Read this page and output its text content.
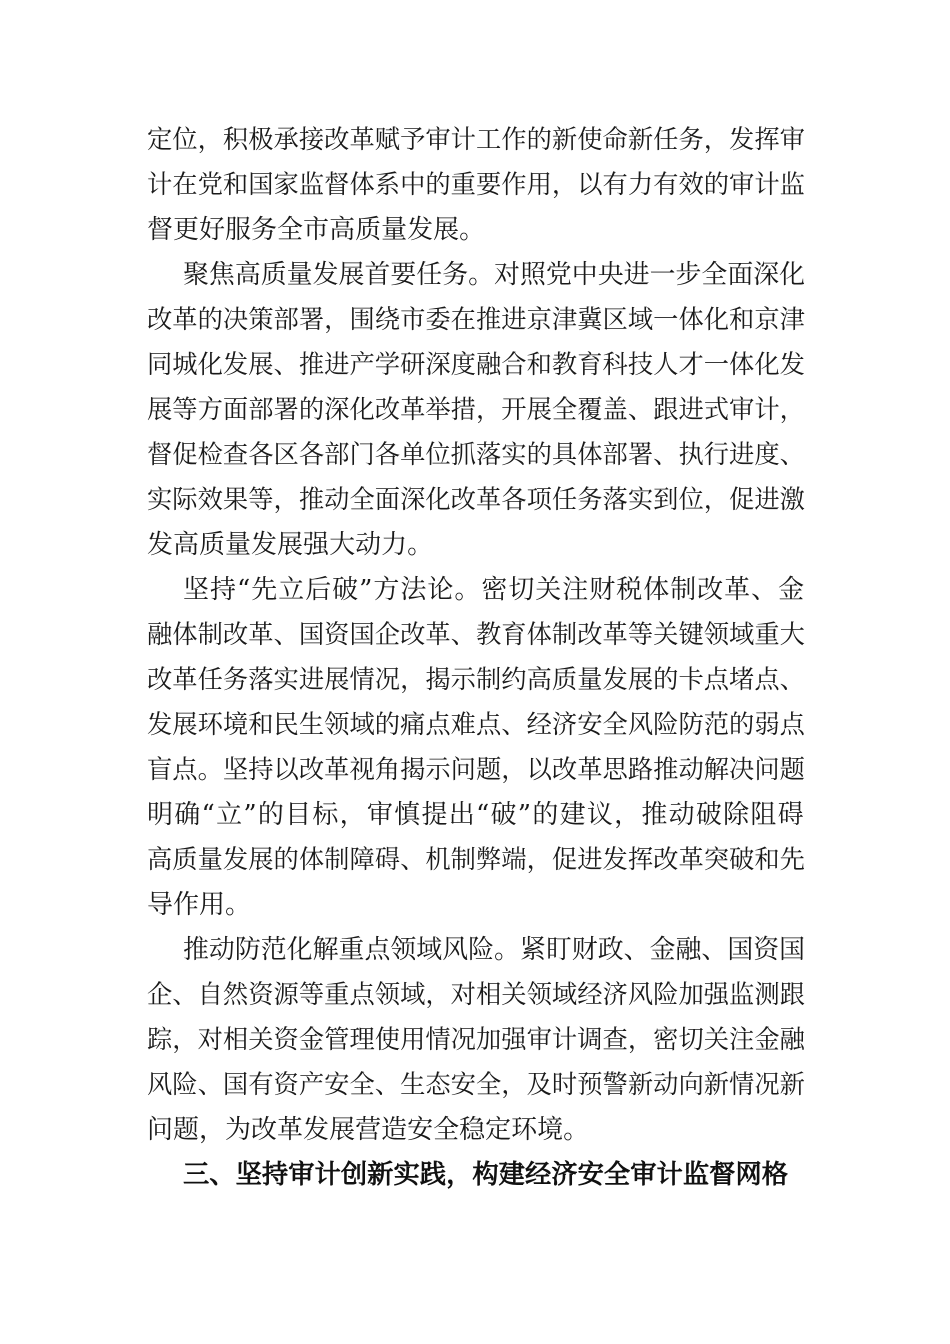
定位，积极承接改革赋予审计工作的新使命新任务，发挥审
计在党和国家监督体系中的重要作用，以有力有效的审计监
督更好服务全市高质量发展。
聚焦高质量发展首要任务。对照党中央进一步全面深化
改革的决策部署，围绕市委在推进京津冀区域一体化和京津
同城化发展、推进产学研深度融合和教育科技人才一体化发
展等方面部署的深化改革举措，开展全覆盖、跟进式审计，
督促检查各区各部门各单位抓落实的具体部署、执行进度、
实际效果等，推动全面深化改革各项任务落实到位，促进激
发高质量发展强大动力。
坚持“先立后破”方法论。密切关注财税体制改革、金
融体制改革、国资国企改革、教育体制改革等关键领域重大
改革任务落实进展情况，揭示制约高质量发展的卡点堵点、
发展环境和民生领域的痛点难点、经济安全风险防范的弱点
盲点。坚持以改革视角揭示问题，以改革思路推动解决问题
明确“立”的目标，审慎提出“破”的建议，推动破除阻碍
高质量发展的体制障碍、机制弊端，促进发挥改革突破和先
导作用。
推动防范化解重点领域风险。紧盯财政、金融、国资国
企、自然资源等重点领域，对相关领域经济风险加强监测跟
踪，对相关资金管理使用情况加强审计调查，密切关注金融
风险、国有资产安全、生态安全，及时预警新动向新情况新
问题，为改革发展营造安全稳定环境。
三、坚持审计创新实践，构建经济安全审计监督网格
